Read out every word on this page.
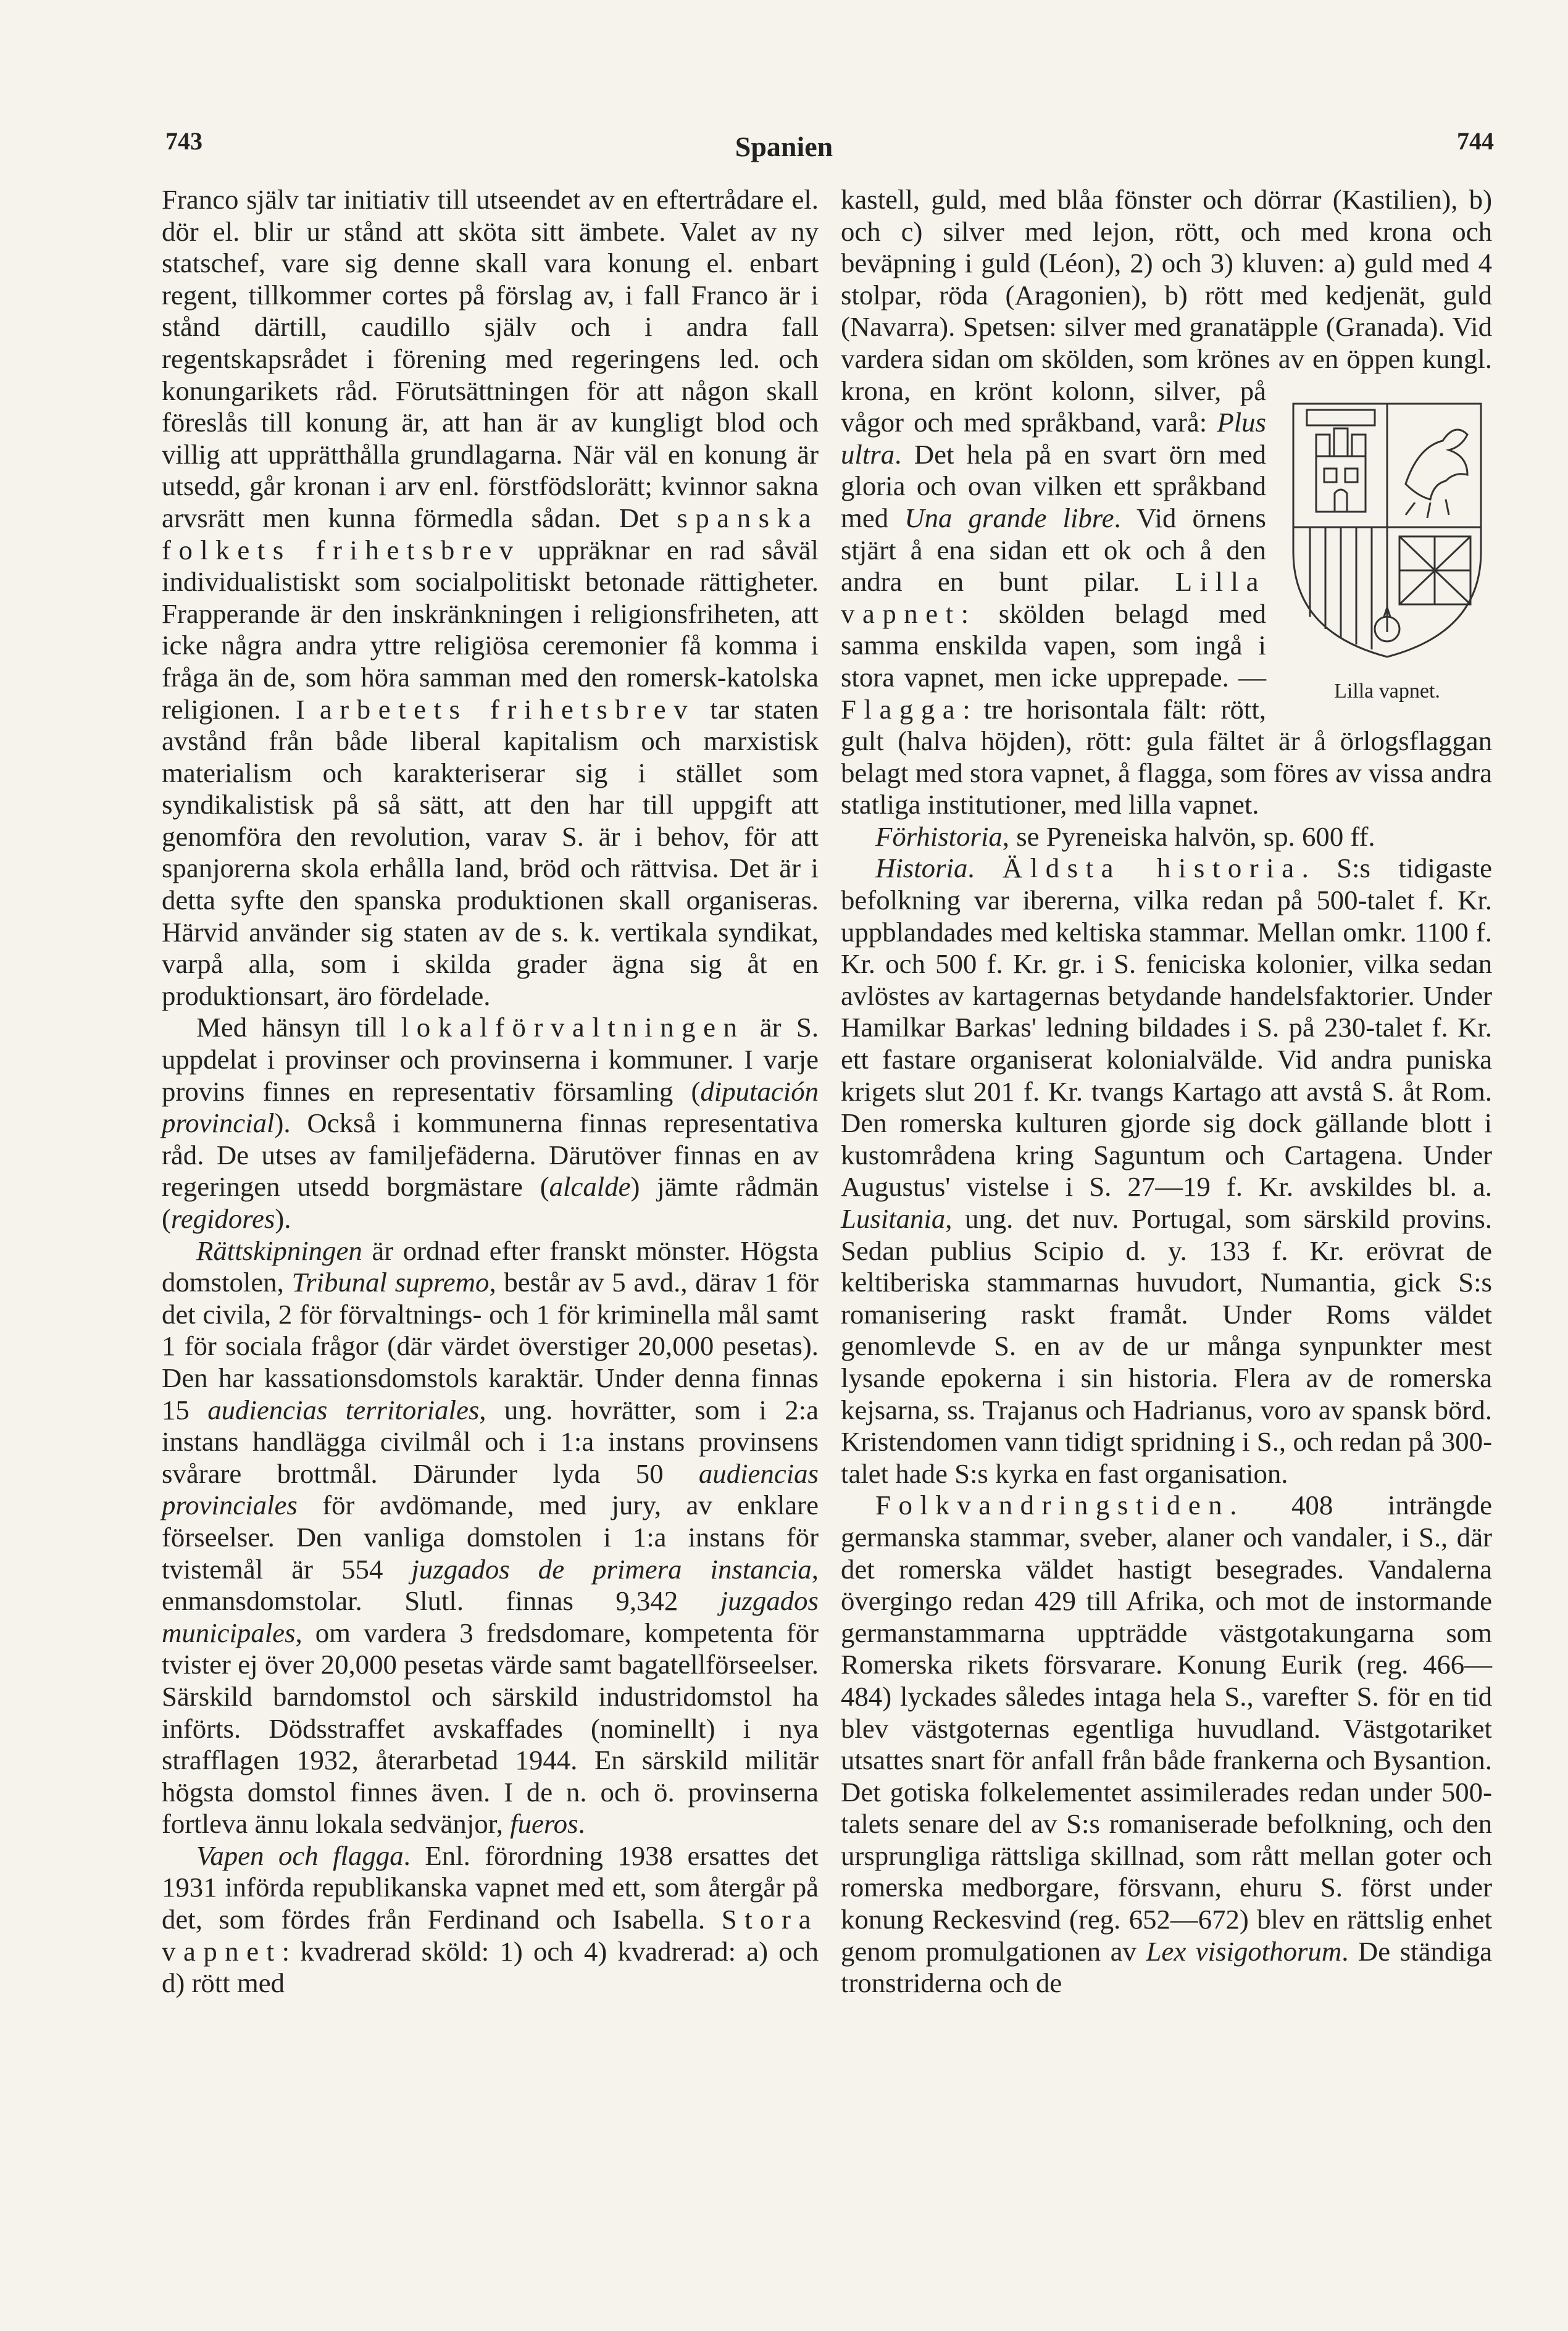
743	Spanien	744

Franco själv tar initiativ till utseendet av en eftertrådare el. dör el. blir ur stånd att sköta sitt ämbete. Valet av ny statschef, vare sig denne skall vara konung el. enbart regent, tillkommer cortes på förslag av, i fall Franco är i stånd därtill, caudillo själv och i andra fall regentskapsrådet i förening med regeringens led. och konungarikets råd. Förutsättningen för att någon skall föreslås till konung är, att han är av kungligt blod och villig att upprätthålla grundlagarna. När väl en konung är utsedd, går kronan i arv enl. förstfödslorätt; kvinnor sakna arvsrätt men kunna förmedla sådan. Det spanska folkets frihetsbrev uppräknar en rad såväl individualistiskt som socialpolitiskt betonade rättigheter. Frapperande är den inskränkningen i religionsfriheten, att icke några andra yttre religiösa ceremonier få komma i fråga än de, som höra samman med den romersk-katolska religionen. I arbetets frihetsbrev tar staten avstånd från både liberal kapitalism och marxistisk materialism och karakteriserar sig i stället som syndikalistisk på så sätt, att den har till uppgift att genomföra den revolution, varav S. är i behov, för att spanjorerna skola erhålla land, bröd och rättvisa. Det är i detta syfte den spanska produktionen skall organiseras. Härvid använder sig staten av de s. k. vertikala syndikat, varpå alla, som i skilda grader ägna sig åt en produktionsart, äro fördelade.

Med hänsyn till lokalförvaltningen är S. uppdelat i provinser och provinserna i kommuner. I varje provins finnes en representativ församling (diputación provincial). Också i kommunerna finnas representativa råd. De utses av familjefäderna. Därutöver finnas en av regeringen utsedd borgmästare (alcalde) jämte rådmän (regidores).

Rättskipningen är ordnad efter franskt mönster. Högsta domstolen, Tribunal supremo, består av 5 avd., därav 1 för det civila, 2 för förvaltnings- och 1 för kriminella mål samt 1 för sociala frågor (där värdet överstiger 20,000 pesetas). Den har kassationsdomstols karaktär. Under denna finnas 15 audiencias territoriales, ung. hovrätter, som i 2:a instans handlägga civilmål och i 1:a instans provinsens svårare brottmål. Därunder lyda 50 audiencias provinciales för avdömande, med jury, av enklare förseelser. Den vanliga domstolen i 1:a instans för tvistemål är 554 juzgados de primera instancia, enmansdomstolar. Slutl. finnas 9,342 juzgados municipales, om vardera 3 fredsdomare, kompetenta för tvister ej över 20,000 pesetas värde samt bagatellförseelser. Särskild barndomstol och särskild industridomstol ha införts. Dödsstraffet avskaffades (nominellt) i nya strafflagen 1932, återarbetad 1944. En särskild militär högsta domstol finnes även. I de n. och ö. provinserna fortleva ännu lokala sedvänjor, fueros.

Vapen och flagga. Enl. förordning 1938 ersattes det 1931 införda republikanska vapnet med ett, som återgår på det, som fördes från Ferdinand och Isabella. Stora vapnet: kvadrerad sköld: 1) och 4) kvadrerad: a) och d) rött med

kastell, guld, med blåa fönster och dörrar (Kastilien), b) och c) silver med lejon, rött, och med krona och beväpning i guld (Léon), 2) och 3) kluven: a) guld med 4 stolpar, röda (Aragonien), b) rött med kedjenät, guld (Navarra). Spetsen: silver med granatäpple (Granada). Vid vardera sidan om skölden, som krönes av en öppen kungl. krona, en krönt kolonn, silver,
Lilla vapnet.
på vågor och med språkband, varå: Plus ultra. Det hela på en svart örn med gloria och ovan vilken ett språkband med Una grande libre. Vid örnens stjärt å ena sidan ett ok och å den andra en bunt pilar. Lilla vapnet: skölden belagd med samma enskilda vapen, som ingå i stora vapnet, men icke upprepade. — Flagga: tre horisontala fält: rött, gult (halva höjden), rött: gula fältet är å örlogsflaggan belagt med stora vapnet, å flagga, som föres av vissa andra statliga institutioner, med lilla vapnet.

Förhistoria, se Pyreneiska halvön, sp. 600 ff.

Historia. Äldsta historia. S:s tidigaste befolkning var ibererna, vilka redan på 500-talet f. Kr. uppblandades med keltiska stammar. Mellan omkr. 1100 f. Kr. och 500 f. Kr. gr. i S. feniciska kolonier, vilka sedan avlöstes av kartagernas betydande handelsfaktorier. Under Hamilkar Barkas' ledning bildades i S. på 230-talet f. Kr. ett fastare organiserat kolonialvälde. Vid andra puniska krigets slut 201 f. Kr. tvangs Kartago att avstå S. åt Rom. Den romerska kulturen gjorde sig dock gällande blott i kustområdena kring Saguntum och Cartagena. Under Augustus' vistelse i S. 27—19 f. Kr. avskildes bl. a. Lusitania, ung. det nuv. Portugal, som särskild provins. Sedan publius Scipio d. y. 133 f. Kr. erövrat de keltiberiska stammarnas huvudort, Numantia, gick S:s romanisering raskt framåt. Under Roms väldet genomlevde S. en av de ur många synpunkter mest lysande epokerna i sin historia. Flera av de romerska kejsarna, ss. Trajanus och Hadrianus, voro av spansk börd. Kristendomen vann tidigt spridning i S., och redan på 300-talet hade S:s kyrka en fast organisation.

Folkvandringstiden. 408 inträngde germanska stammar, sveber, alaner och vandaler, i S., där det romerska väldet hastigt besegrades. Vandalerna övergingo redan 429 till Afrika, och mot de instormande germanstammarna uppträdde västgotakungarna som Romerska rikets försvarare. Konung Eurik (reg. 466—484) lyckades således intaga hela S., varefter S. för en tid blev västgoternas egentliga huvudland. Västgotariket utsattes snart för anfall från både frankerna och Bysantion. Det gotiska folkelementet assimilerades redan under 500-talets senare del av S:s romaniserade befolkning, och den ursprungliga rättsliga skillnad, som rått mellan goter och romerska medborgare, försvann, ehuru S. först under konung Reckesvind (reg. 652—672) blev en rättslig enhet genom promulgationen av Lex visigothorum. De ständiga tronstriderna och de
